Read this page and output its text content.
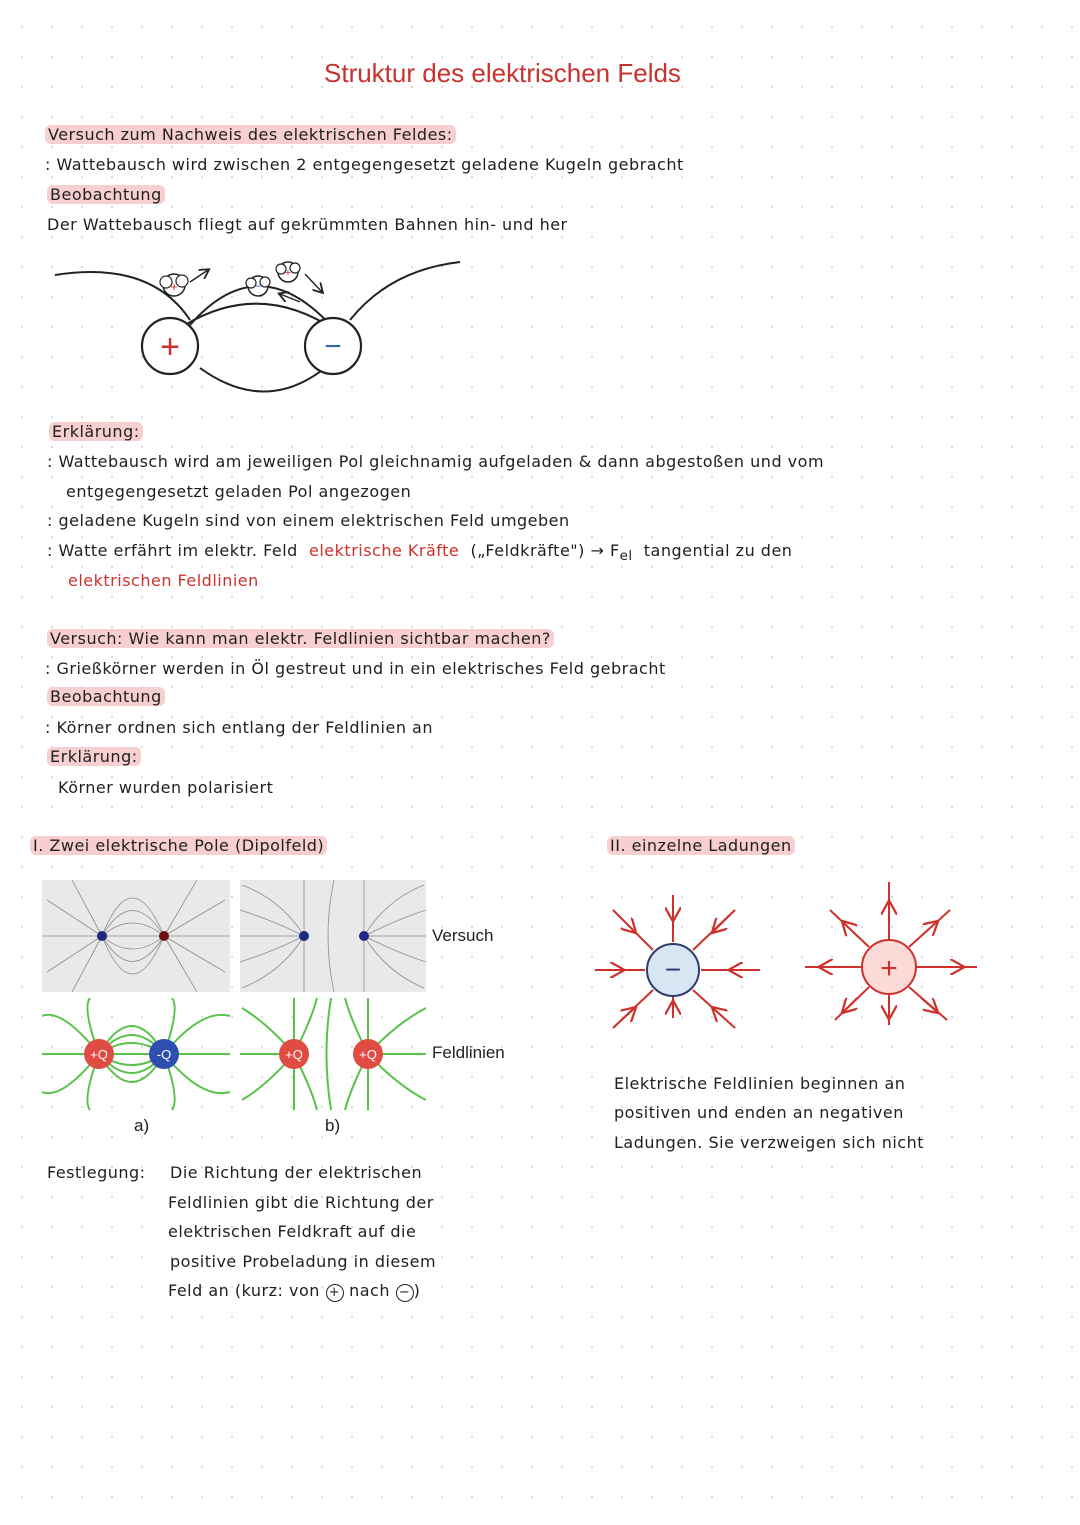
Struktur des elektrischen Felds
Versuch zum Nachweis des elektrischen Feldes:
: Wattebausch wird zwischen 2 entgegengesetzt geladene Kugeln gebracht
Beobachtung
Der Wattebausch fliegt auf gekrümmten Bahnen hin- und her
+	−
+	−
+
Erklärung:
: Wattebausch wird am jeweiligen Pol gleichnamig aufgeladen & dann abgestoßen und vom
entgegengesetzt geladen Pol angezogen
: geladene Kugeln sind von einem elektrischen Feld umgeben
: Watte erfährt im elektr. Feld elektrische Kräfte („Feldkräfte") → $F_{el}$ tangential zu den
elektrischen Feldlinien
Versuch: Wie kann man elektr. Feldlinien sichtbar machen?
: Grießkörner werden in Öl gestreut und in ein elektrisches Feld gebracht
Beobachtung
: Körner ordnen sich entlang der Feldlinien an
Erklärung:
Körner wurden polarisiert
I. Zwei elektrische Pole (Dipolfeld)
Versuch
+Q	-Q	+Q	+Q	Feldlinien
a)	b)
Festlegung: Die Richtung der elektrischen
Feldlinien gibt die Richtung der
elektrischen Feldkraft auf die
positive Probeladung in diesem
Feld an (kurz: von + nach − )
II. einzelne Ladungen
−	+
Elektrische Feldlinien beginnen an
positiven und enden an negativen
Ladungen. Sie verzweigen sich nicht
